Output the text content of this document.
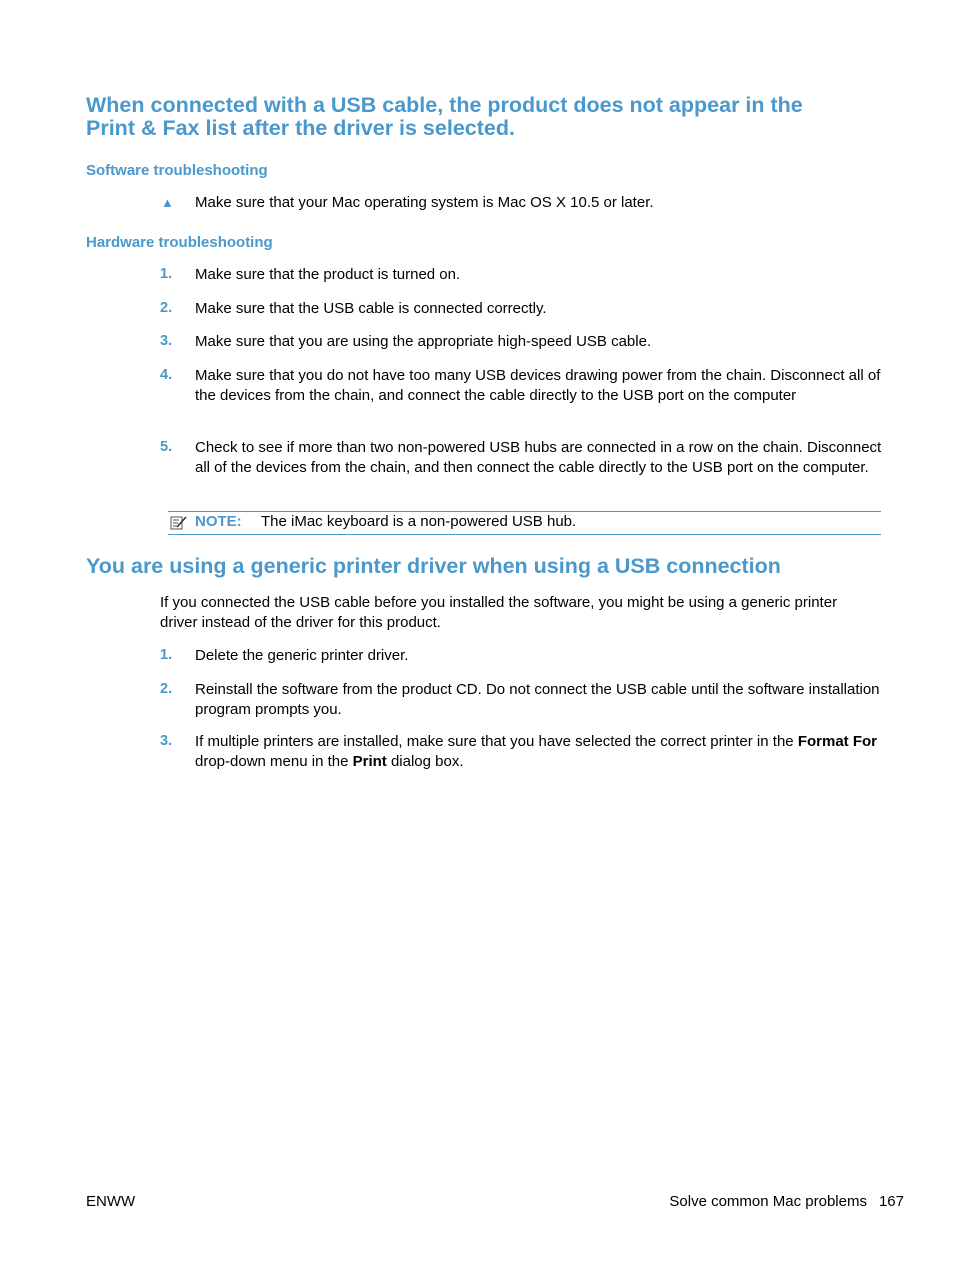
When connected with a USB cable, the product does not appear in the
Print & Fax list after the driver is selected.
Software troubleshooting
▲ Make sure that your Mac operating system is Mac OS X 10.5 or later.
Hardware troubleshooting
1. Make sure that the product is turned on.
2. Make sure that the USB cable is connected correctly.
3. Make sure that you are using the appropriate high-speed USB cable.
4. Make sure that you do not have too many USB devices drawing power from the chain. Disconnect all of the devices from the chain, and connect the cable directly to the USB port on the computer
5. Check to see if more than two non-powered USB hubs are connected in a row on the chain. Disconnect all of the devices from the chain, and then connect the cable directly to the USB port on the computer.
NOTE: The iMac keyboard is a non-powered USB hub.
You are using a generic printer driver when using a USB connection
If you connected the USB cable before you installed the software, you might be using a generic printer driver instead of the driver for this product.
1. Delete the generic printer driver.
2. Reinstall the software from the product CD. Do not connect the USB cable until the software installation program prompts you.
3. If multiple printers are installed, make sure that you have selected the correct printer in the Format For drop-down menu in the Print dialog box.
ENWW	Solve common Mac problems 167
